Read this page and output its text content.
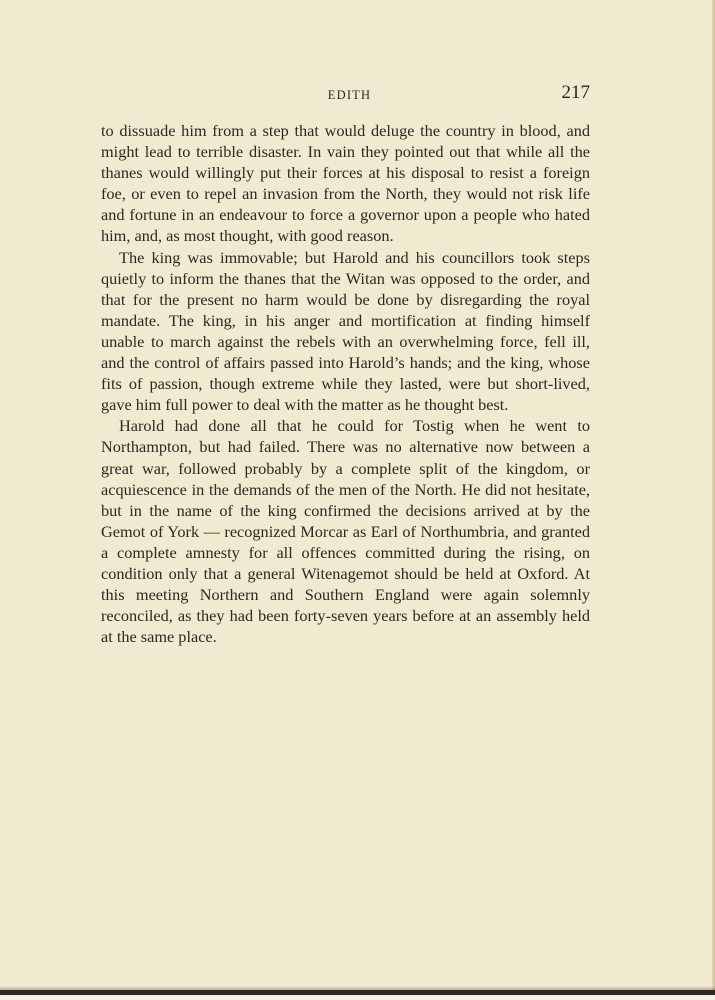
EDITH	217

to dissuade him from a step that would deluge the country in blood, and might lead to terrible disaster. In vain they pointed out that while all the thanes would willingly put their forces at his disposal to resist a foreign foe, or even to repel an invasion from the North, they would not risk life and fortune in an endeavour to force a governor upon a people who hated him, and, as most thought, with good reason.

The king was immovable; but Harold and his councillors took steps quietly to inform the thanes that the Witan was opposed to the order, and that for the present no harm would be done by disregarding the royal mandate. The king, in his anger and mortification at finding himself unable to march against the rebels with an overwhelming force, fell ill, and the control of affairs passed into Harold’s hands; and the king, whose fits of passion, though extreme while they lasted, were but short-lived, gave him full power to deal with the matter as he thought best.

Harold had done all that he could for Tostig when he went to Northampton, but had failed. There was no alternative now between a great war, followed probably by a complete split of the kingdom, or acquiescence in the demands of the men of the North. He did not hesitate, but in the name of the king confirmed the decisions arrived at by the Gemot of York — recognized Morcar as Earl of Northumbria, and granted a complete amnesty for all offences committed during the rising, on condition only that a general Witenagemot should be held at Oxford. At this meeting Northern and Southern England were again solemnly reconciled, as they had been forty-seven years before at an assembly held at the same place.
